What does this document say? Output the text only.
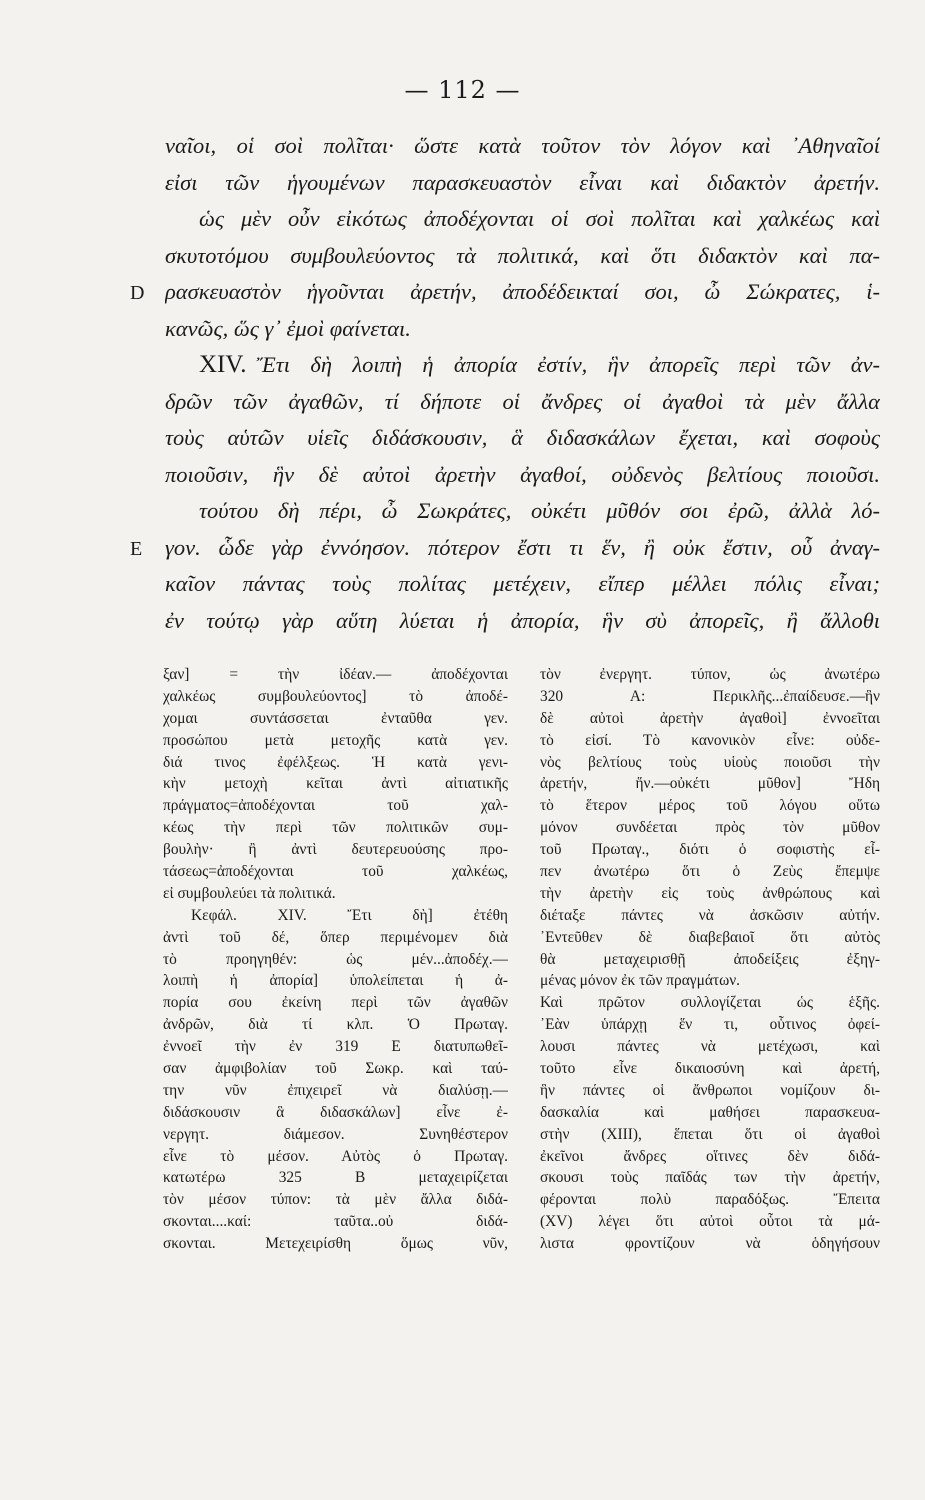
— 112 —
D
E
ναῖοι, οἱ σοὶ πολῖται· ὥστε κατὰ τοῦτον τὸν λόγον καὶ ᾿Αθηναῖοί
εἰσι τῶν ἡγουμένων παρασκευαστὸν εἶναι καὶ διδακτὸν ἀρετήν.
ὡς μὲν οὖν εἰκότως ἀποδέχονται οἱ σοὶ πολῖται καὶ χαλκέως καὶ
σκυτοτόμου συμβουλεύοντος τὰ πολιτικά, καὶ ὅτι διδακτὸν καὶ πα-
ρασκευαστὸν ἡγοῦνται ἀρετήν, ἀποδέδεικταί σοι, ὦ Σώκρατες, ἱ-
κανῶς, ὥς γ᾽ ἐμοὶ φαίνεται.
XIV. Ἔτι δὴ λοιπὴ ἡ ἀπορία ἐστίν, ἣν ἀπορεῖς περὶ τῶν ἀν-
δρῶν τῶν ἀγαθῶν, τί δήποτε οἱ ἄνδρες οἱ ἀγαθοὶ τὰ μὲν ἄλλα
τοὺς αὑτῶν υἱεῖς διδάσκουσιν, ἃ διδασκάλων ἔχεται, καὶ σοφοὺς
ποιοῦσιν, ἣν δὲ αὐτοὶ ἀρετὴν ἀγαθοί, οὐδενὸς βελτίους ποιοῦσι.
τούτου δὴ πέρι, ὦ Σωκράτες, οὐκέτι μῦθόν σοι ἐρῶ, ἀλλὰ λό-
γον. ὧδε γὰρ ἐννόησον. πότερον ἔστι τι ἕν, ἢ οὐκ ἔστιν, οὗ ἀναγ-
καῖον πάντας τοὺς πολίτας μετέχειν, εἴπερ μέλλει πόλις εἶναι;
ἐν τούτῳ γὰρ αὕτη λύεται ἡ ἀπορία, ἣν σὺ ἀπορεῖς, ἢ ἄλλοθι
ξαν] = τὴν ἰδέαν.— ἀποδέχονται
χαλκέως συμβουλεύοντος] τὸ ἀποδέ-
χομαι συντάσσεται ἐνταῦθα γεν.
προσώπου μετὰ μετοχῆς κατὰ γεν.
διά τινος ἐφέλξεως. Ἡ κατὰ γενι-
κὴν μετοχὴ κεῖται ἀντὶ αἰτιατικῆς
πράγματος=ἀποδέχονται τοῦ χαλ-
κέως τὴν περὶ τῶν πολιτικῶν συμ-
βουλὴν· ἢ ἀντὶ δευτερευούσης προ-
τάσεως=ἀποδέχονται τοῦ χαλκέως,
εἰ συμβουλεύει τὰ πολιτικά.
Κεφάλ. XIV. Ἔτι δὴ] ἐτέθη
ἀντὶ τοῦ δέ, ὅπερ περιμένομεν διὰ
τὸ προηγηθέν: ὡς μέν...ἀποδέχ.—
λοιπὴ ἡ ἀπορία] ὑπολείπεται ἡ ἀ-
πορία σου ἐκείνη περὶ τῶν ἀγαθῶν
ἀνδρῶν, διὰ τί κλπ. Ὁ Πρωταγ.
ἐννοεῖ τὴν ἐν 319 Ε διατυπωθεῖ-
σαν ἀμφιβολίαν τοῦ Σωκρ. καὶ ταύ-
την νῦν ἐπιχειρεῖ νὰ διαλύσῃ.—
διδάσκουσιν ἃ διδασκάλων] εἶνε ἐ-
νεργητ. διάμεσον. Συνηθέστερον
εἶνε τὸ μέσον. Αὐτὸς ὁ Πρωταγ.
κατωτέρω 325 Β μεταχειρίζεται
τὸν μέσον τύπον: τὰ μὲν ἄλλα διδά-
σκονται....καί: ταῦτα..οὐ διδά-
σκονται. Μετεχειρίσθη ὅμως νῦν,
τὸν ἐνεργητ. τύπον, ὡς ἀνωτέρω
320 Α: Περικλῆς...ἐπαίδευσε.—ἣν
δὲ αὐτοὶ ἀρετὴν ἀγαθοὶ] ἐννοεῖται
τὸ εἰσί. Τὸ κανονικὸν εἶνε: οὐδε-
νὸς βελτίους τοὺς υἱοὺς ποιοῦσι τὴν
ἀρετήν, ἥν.—οὐκέτι μῦθον] Ἤδη
τὸ ἕτερον μέρος τοῦ λόγου οὕτω
μόνον συνδέεται πρὸς τὸν μῦθον
τοῦ Πρωταγ., διότι ὁ σοφιστὴς εἶ-
πεν ἀνωτέρω ὅτι ὁ Ζεὺς ἔπεμψε
τὴν ἀρετὴν εἰς τοὺς ἀνθρώπους καὶ
διέταξε πάντες νὰ ἀσκῶσιν αὐτήν.
᾿Εντεῦθεν δὲ διαβεβαιοῖ ὅτι αὐτὸς
θὰ μεταχειρισθῇ ἀποδείξεις ἐξηγ-
μένας μόνον ἐκ τῶν πραγμάτων.
Καὶ πρῶτον συλλογίζεται ὡς ἑξῆς.
᾿Εὰν ὑπάρχῃ ἕν τι, οὗτινος ὀφεί-
λουσι πάντες νὰ μετέχωσι, καὶ
τοῦτο εἶνε δικαιοσύνη καὶ ἀρετή,
ἣν πάντες οἱ ἄνθρωποι νομίζουν δι-
δασκαλία καὶ μαθήσει παρασκευα-
στὴν (XIII), ἕπεται ὅτι οἱ ἀγαθοὶ
ἐκεῖνοι ἄνδρες οἵτινες δὲν διδά-
σκουσι τοὺς παῖδάς των τὴν ἀρετήν,
φέρονται πολὺ παραδόξως. Ἔπειτα
(XV) λέγει ὅτι αὐτοὶ οὗτοι τὰ μά-
λιστα φροντίζουν νὰ ὁδηγήσουν
